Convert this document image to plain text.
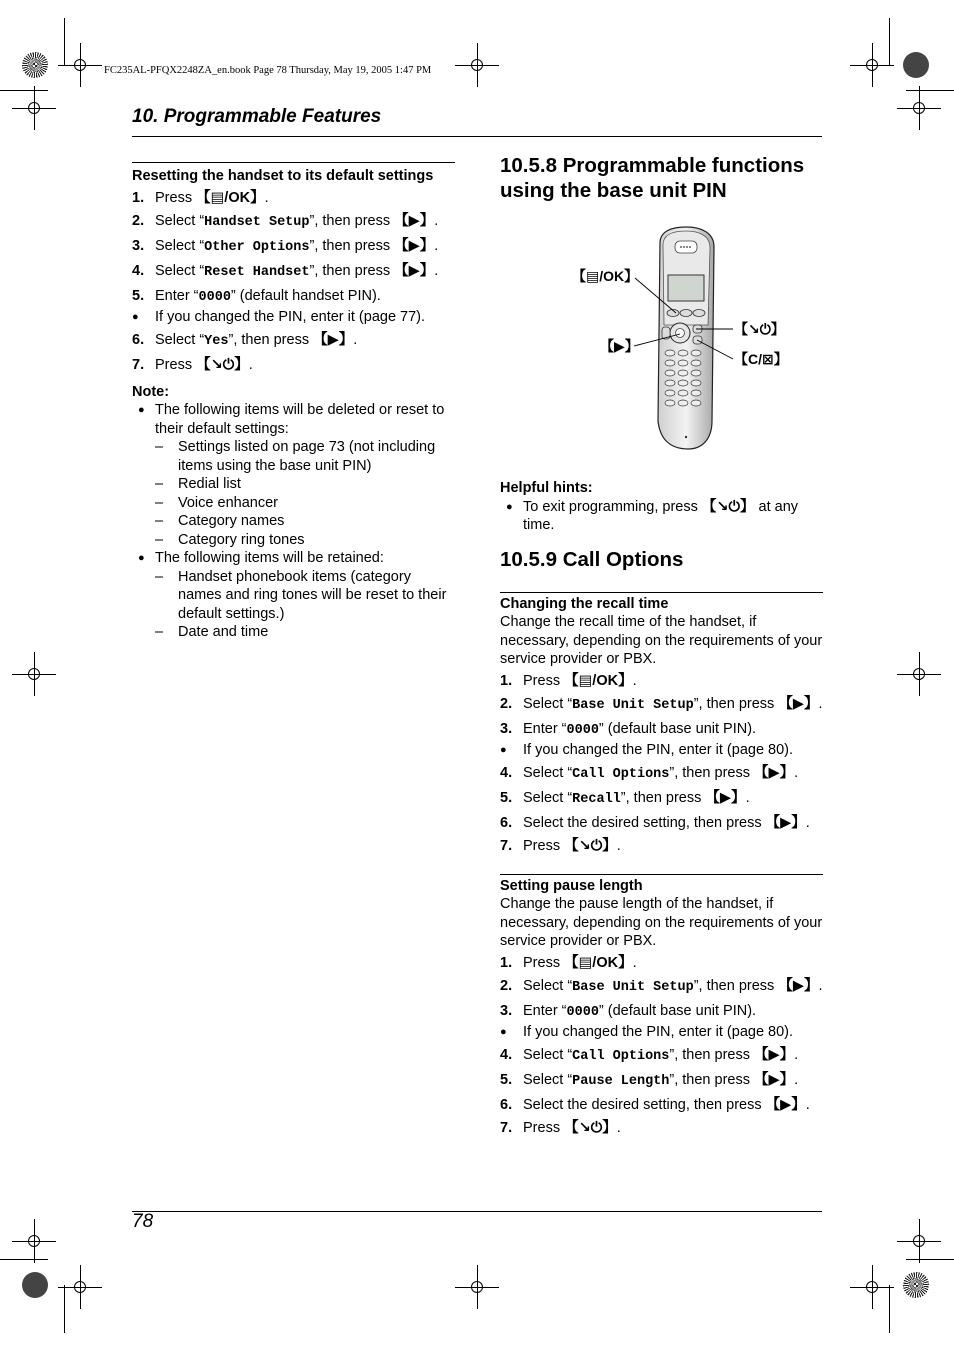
FC235AL-PFQX2248ZA_en.book Page 78 Thursday, May 19, 2005 1:47 PM
10. Programmable Features
Resetting the handset to its default settings
1. Press 【▤/OK】.
2. Select “Handset Setup”, then press 【▶】.
3. Select “Other Options”, then press 【▶】.
4. Select “Reset Handset”, then press 【▶】.
5. Enter “0000” (default handset PIN).
● If you changed the PIN, enter it (page 77).
6. Select “Yes”, then press 【▶】.
7. Press 【↘⏻】.
Note:
● The following items will be deleted or reset to their default settings:
– Settings listed on page 73 (not including items using the base unit PIN)
– Redial list
– Voice enhancer
– Category names
– Category ring tones
● The following items will be retained:
– Handset phonebook items (category names and ring tones will be reset to their default settings.)
– Date and time
10.5.8 Programmable functions using the base unit PIN
【▤/OK】
【▶】
【↘⏻】
【C/⊠】
Helpful hints:
● To exit programming, press 【↘⏻】 at any time.
10.5.9 Call Options
Changing the recall time
Change the recall time of the handset, if necessary, depending on the requirements of your service provider or PBX.
1. Press 【▤/OK】.
2. Select “Base Unit Setup”, then press 【▶】.
3. Enter “0000” (default base unit PIN).
● If you changed the PIN, enter it (page 80).
4. Select “Call Options”, then press 【▶】.
5. Select “Recall”, then press 【▶】.
6. Select the desired setting, then press 【▶】.
7. Press 【↘⏻】.
Setting pause length
Change the pause length of the handset, if necessary, depending on the requirements of your service provider or PBX.
1. Press 【▤/OK】.
2. Select “Base Unit Setup”, then press 【▶】.
3. Enter “0000” (default base unit PIN).
● If you changed the PIN, enter it (page 80).
4. Select “Call Options”, then press 【▶】.
5. Select “Pause Length”, then press 【▶】.
6. Select the desired setting, then press 【▶】.
7. Press 【↘⏻】.
78
